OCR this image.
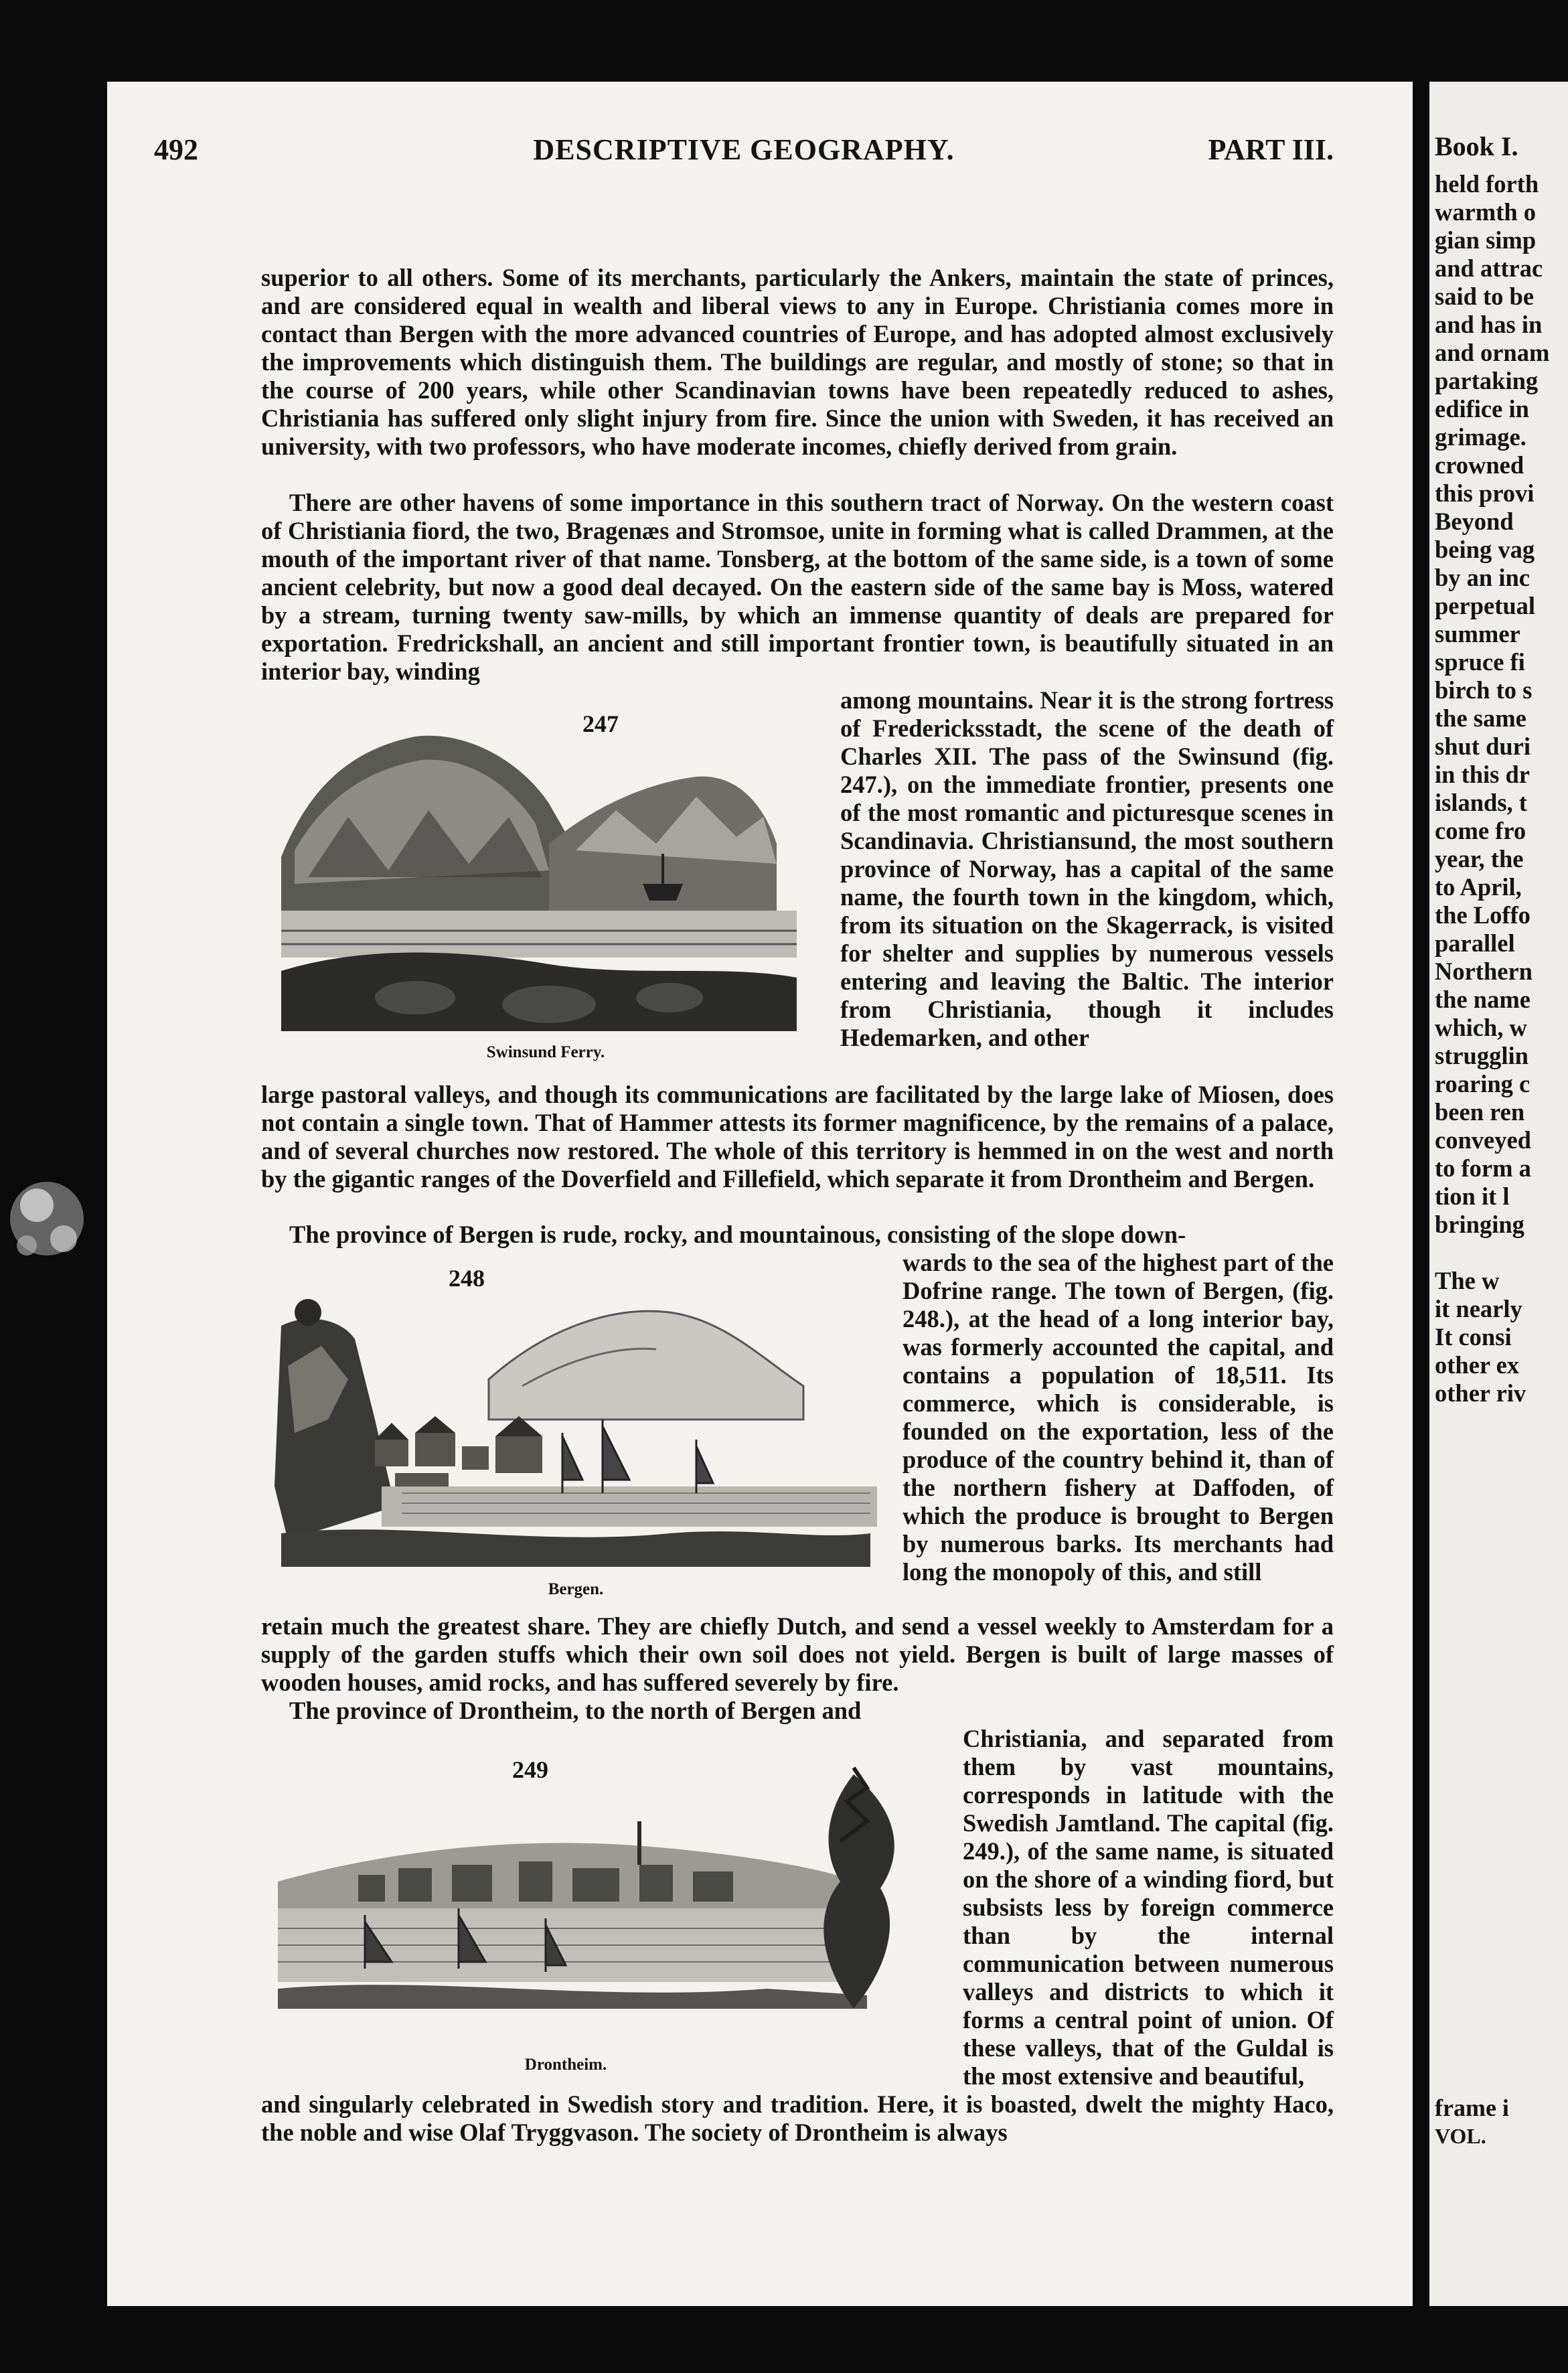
492	DESCRIPTIVE GEOGRAPHY.	PART III.

superior to all others. Some of its merchants, particularly the Ankers, maintain the state of princes, and are considered equal in wealth and liberal views to any in Europe. Christiania comes more in contact than Bergen with the more advanced countries of Europe, and has adopted almost exclusively the improvements which distinguish them. The buildings are regular, and mostly of stone; so that in the course of 200 years, while other Scandinavian towns have been repeatedly reduced to ashes, Christiania has suffered only slight injury from fire. Since the union with Sweden, it has received an university, with two professors, who have moderate incomes, chiefly derived from grain.

There are other havens of some importance in this southern tract of Norway. On the western coast of Christiania fiord, the two, Bragenæs and Stromsoe, unite in forming what is called Drammen, at the mouth of the important river of that name. Tonsberg, at the bottom of the same side, is a town of some ancient celebrity, but now a good deal decayed. On the eastern side of the same bay is Moss, watered by a stream, turning twenty saw-mills, by which an immense quantity of deals are prepared for exportation. Fredrickshall, an ancient and still important frontier town, is beautifully situated in an interior bay, winding

among mountains. Near it is the strong fortress of Fredericksstadt, the scene of the death of Charles XII. The pass of the Swinsund (fig. 247.), on the immediate frontier, presents one of the most romantic and picturesque scenes in Scandinavia. Christiansund, the most southern province of Norway, has a capital of the same name, the fourth town in the kingdom, which, from its situation on the Skagerrack, is visited for shelter and supplies by numerous vessels entering and leaving the Baltic. The interior from Christiania, though it includes Hedemarken, and other

large pastoral valleys, and though its communications are facilitated by the large lake of Miosen, does not contain a single town. That of Hammer attests its former magnificence, by the remains of a palace, and of several churches now restored. The whole of this territory is hemmed in on the west and north by the gigantic ranges of the Doverfield and Fillefield, which separate it from Drontheim and Bergen.

The province of Bergen is rude, rocky, and mountainous, consisting of the slope down-

wards to the sea of the highest part of the Dofrine range. The town of Bergen, (fig. 248.), at the head of a long interior bay, was formerly accounted the capital, and contains a population of 18,511. Its commerce, which is considerable, is founded on the exportation, less of the produce of the country behind it, than of the northern fishery at Daffoden, of which the produce is brought to Bergen by numerous barks. Its merchants had long the monopoly of this, and still

retain much the greatest share. They are chiefly Dutch, and send a vessel weekly to Amsterdam for a supply of the garden stuffs which their own soil does not yield. Bergen is built of large masses of wooden houses, amid rocks, and has suffered severely by fire.

The province of Drontheim, to the north of Bergen and

Christiania, and separated from them by vast mountains, corresponds in latitude with the Swedish Jamtland. The capital (fig. 249.), of the same name, is situated on the shore of a winding fiord, but subsists less by foreign commerce than by the internal communication between numerous valleys and districts to which it forms a central point of union. Of these valleys, that of the Guldal is the most extensive and beautiful,

and singularly celebrated in Swedish story and tradition. Here, it is boasted, dwelt the mighty Haco, the noble and wise Olaf Tryggvason. The society of Drontheim is always

247
Swinsund Ferry.
248
Bergen.
249
Drontheim.
Book I.
held forth
warmth o
gian simp
and attrac
said to be
and has in
and ornam
partaking
edifice in
grimage.
crowned
this provi
Beyond
being vag
by an inc
perpetual
summer
spruce fi
birch to s
the same
shut duri
in this dr
islands, t
come fro
year, the
to April,
the Loffo
parallel
Northern
the name
which, w
strugglin
roaring c
been ren
conveyed
to form a
tion it l
bringing

The w
it nearly
It consi
other ex
other riv
frame i
VOL.
